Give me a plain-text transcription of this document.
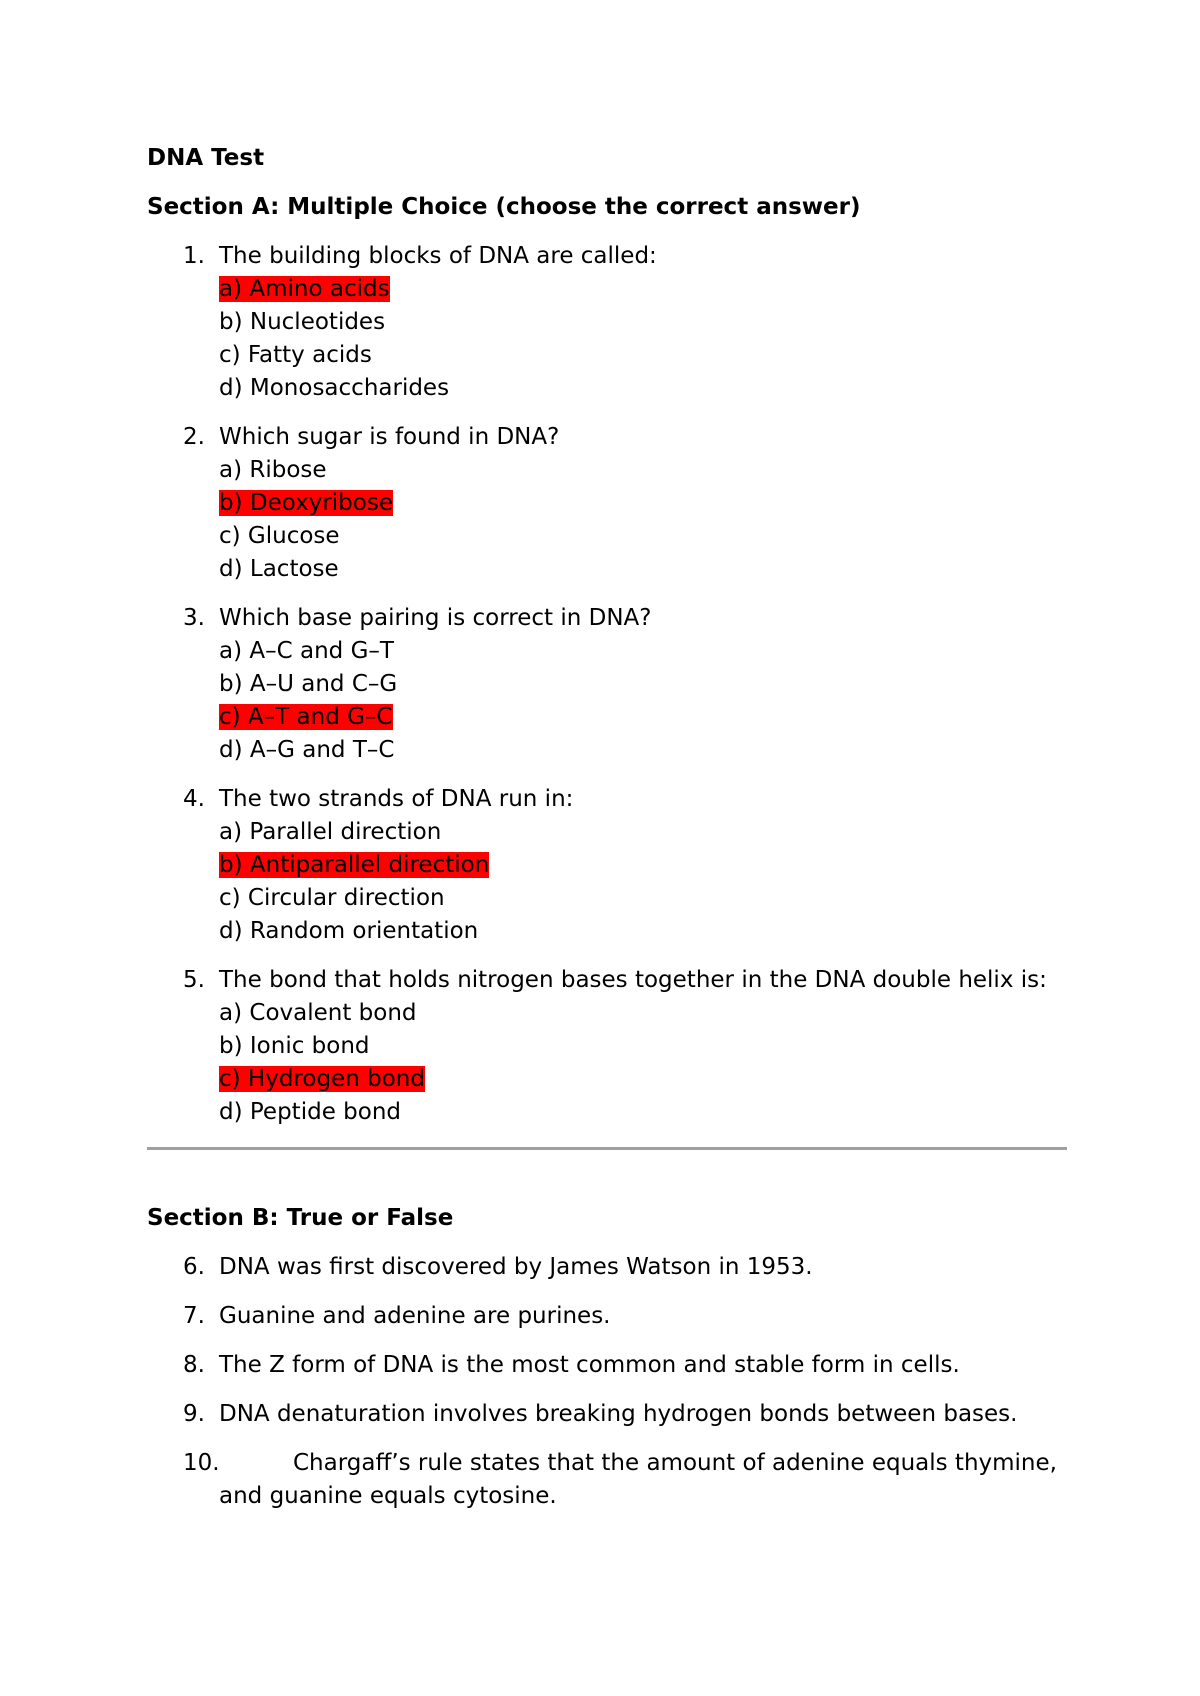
DNA Test
Section A: Multiple Choice (choose the correct answer)
1. The building blocks of DNA are called:
a) Amino acids
b) Nucleotides
c) Fatty acids
d) Monosaccharides
2. Which sugar is found in DNA?
a) Ribose
b) Deoxyribose
c) Glucose
d) Lactose
3. Which base pairing is correct in DNA?
a) A–C and G–T
b) A–U and C–G
c) A–T and G–C
d) A–G and T–C
4. The two strands of DNA run in:
a) Parallel direction
b) Antiparallel direction
c) Circular direction
d) Random orientation
5. The bond that holds nitrogen bases together in the DNA double helix is:
a) Covalent bond
b) Ionic bond
c) Hydrogen bond
d) Peptide bond
Section B: True or False
6. DNA was first discovered by James Watson in 1953.
7. Guanine and adenine are purines.
8. The Z form of DNA is the most common and stable form in cells.
9. DNA denaturation involves breaking hydrogen bonds between bases.
10.	Chargaff’s rule states that the amount of adenine equals thymine, and guanine equals cytosine.
